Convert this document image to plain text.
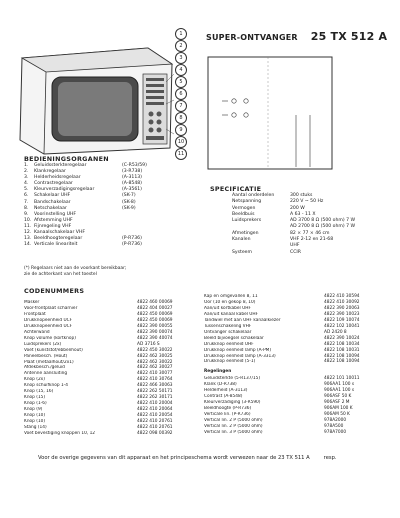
SUPER-ONTVANGER 25 TX 512 A
1
2
3
4
5
6
7
8
9
10
11
BEDIENINGSORGANEN
1.	Geluidssterkteregelaar	(C-R53/59)
2.	Klankregelaar	(3-R738)
3.	Helderheidsregelaar	(A-3113)
4.	Contrastregelaar	(A-8548)
5.	Kleurverzadigingsregelaar	(A-3561)
6.	Schakelaar UHF	(SK-7)
7.	Bandschakelaar	(SK-8)
8.	Netschakelaar	(SK-9)
9.	Voorinstelling UHF
10. Afstemming UHF
11. Fijnregeling VHF
12. Kanaalschakelaar VHF
13. Beeldhoogteregelaar	(P-R736)
14. Verticale lineariteit	(P-R736)
(*) Regelaars niet aan de voorkant bereikbaar;
zie de achterkant van het toestel
SPECIFICATIE
Aantal onderdelen	300 stuks
Netspanning	220 V ~ 50 Hz
Vermogen	200 W
Beeldbuis	A 63 - 11 X
Luidsprekers	AD 3700 8 Ω (500 ohm) 7 W
AD 2700 8 Ω (500 ohm) 7 W
Afmetingen	82 × 77 × 46 cm
Kanalen	VHF 2-12 en 21-68
UHF
Systeem	CCIR
CODENUMMERS
Masker	4822 460 00069
Voor-frontplaat scharnier	4822 404 00027
Frontplaat	4822 450 00069
Drukknopeenheid UCF	4822 450 00069
Drukknopeenheid UCF	4822 390 00055
Achterwand	4822 390 00074
Knop volume (kortknop)	4822 390 40074
Luidsprekers (2x)	AD 3716 S
Voet (kunststof/ebbenhout)	4822 450 30022
Paneelbesch. (Hout)	4822 462 30025
Plaat (metaalhout/2x1)	4822 462 30022
Afdekbesch./geluid	4822 462 30027
Antenne aansluiting	4822 410 30077
Knop (2x)	4822 410 30764
Knop schuifknop 1-4	4822 466 30063
Knop (15, 16)	4822 262 50171
Knop (15)	4822 262 30171
Knop (1-6)	4822 410 20004
Knop (9)	4822 410 20064
Knop (10)	4822 410 20054
Knop (10)	4822 410 20761
Stang (14)	4822 410 20761
Voet bevestiging knoppen 10, 12	4822 098 00392
Kap en omgevallen 8, 11	4822 410 30594
Oor (10 en gekop 8, 10)	4822 410 30092
Aan/uit kortkabel UHF	4822 390 20063
Aan/uit kanaal kabel UHF	4822 390 10023
Tandwiel met aan UHF kanaalkiezer	4822 109 10074
Tussenschakeling VHF	4822 102 10041
Ontvanger schakelaar	AD 2420 8
Beeld bijvoegsel schakelaar	4822 390 10024
Drukknop eenheid UHF	4822 108 10034
Drukknop eenheid lamp (A-PM)	4822 108 10031
Drukknop eenheid lamp (A-3313)	4822 108 10094
Drukknop eenheid (5-1)	4822 108 10094
Regelingen
Geluidsterkte (5-R137/15)	4822 101 10011
Klank (D-R738)	906AA1 100 s
Helderheid (A-3113)	906AA1 100 s
Contrast (A-8548)	906ASF 50 K
Kleurverzadiging (3-R590)	906ASF 2 M
Beeldhoogte (P-R736)	906AM 100 K
Verticale lin. (P-R736)	906AM 50 K
Vertical lin. 2 P (5000 ohm)	978A2000
Vertical lin. 2 P (5000 ohm)	978A500
Vertical lin. 3 P (5000 ohm)	978A7000
Voor de overige gegevens van dit apparaat en het principeschema wordt verwezen naar de 23 TX 511 A	resp.
